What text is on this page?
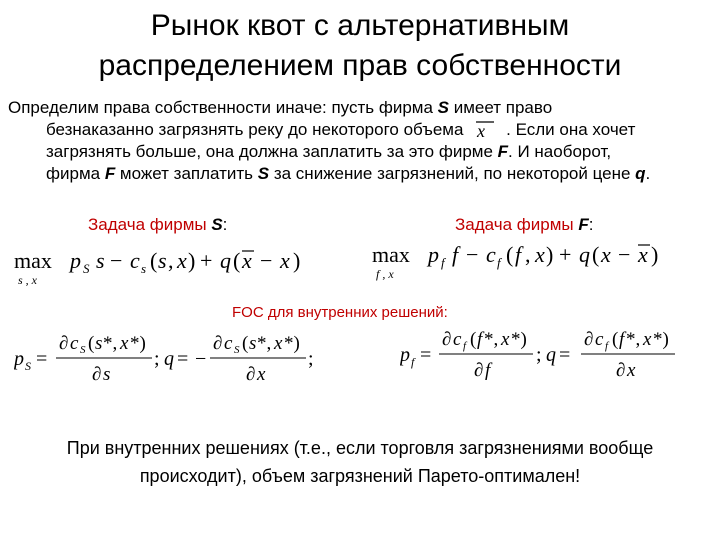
Рынок квот с альтернативным
распределением прав собственности
Определим права собственности иначе: пусть фирма S имеет право
безнаказанно загрязнять реку до некоторого объема x . Если она хочет
загрязнять больше, она должна заплатить за это фирме F. И наоборот,
фирма F может заплатить S за снижение загрязнений, по некоторой цене q.
Задача фирмы S:	Задача фирмы F:
max
s , x
p S s − c s ( s , x ) + q ( x − x )	max
f , x
p f f − c f ( f , x ) + q ( x − x )
FOC для внутренних решений:
p S =
∂ c S ( s *, x *)
∂ s
; q = −
∂ c S ( s *, x *)
∂ x
;	p f =
∂ c f ( f *, x *)
∂ f
; q =
∂ c f ( f *, x *)
∂ x
При внутренних решениях (т.е., если торговля загрязнениями вообще
происходит), объем загрязнений Парето-оптимален!
